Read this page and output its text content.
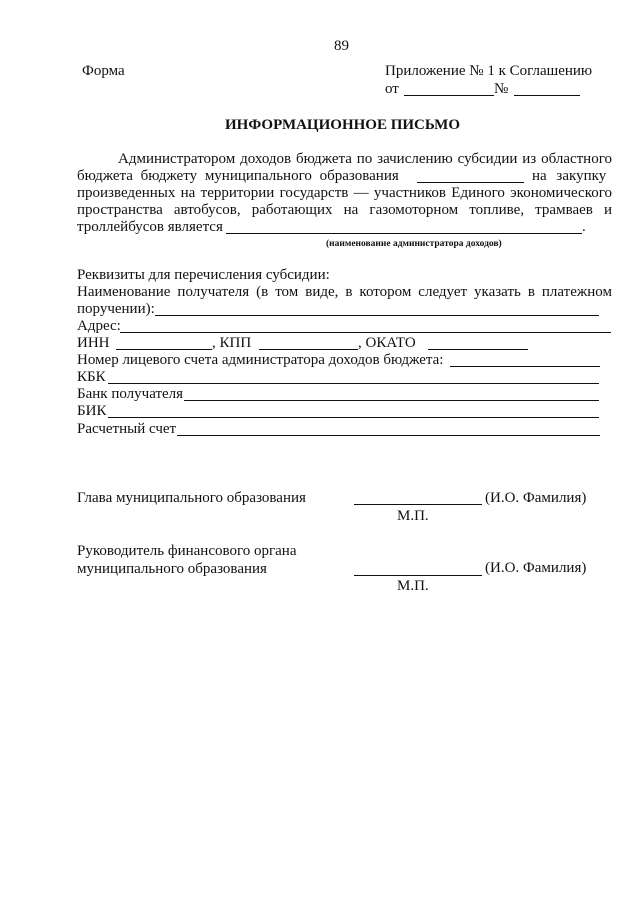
89
Форма	Приложение № 1 к Соглашению
от	№
ИНФОРМАЦИОННОЕ ПИСЬМО
Администратором доходов бюджета по зачислению субсидии из областного
бюджета бюджету муниципального образования	на закупку
произведенных на территории государств — участников Единого экономического
пространства автобусов, работающих на газомоторном топливе, трамваев и
троллейбусов является	.
(наименование администратора доходов)
Реквизиты для перечисления субсидии:
Наименование получателя (в том виде, в котором следует указать в платежном
поручении):
Адрес:
ИНН	, КПП	, ОКАТО
Номер лицевого счета администратора доходов бюджета:
КБК
Банк получателя
БИК
Расчетный счет
Глава муниципального образования	(И.О. Фамилия)
М.П.
Руководитель финансового органа
муниципального образования	(И.О. Фамилия)
М.П.
